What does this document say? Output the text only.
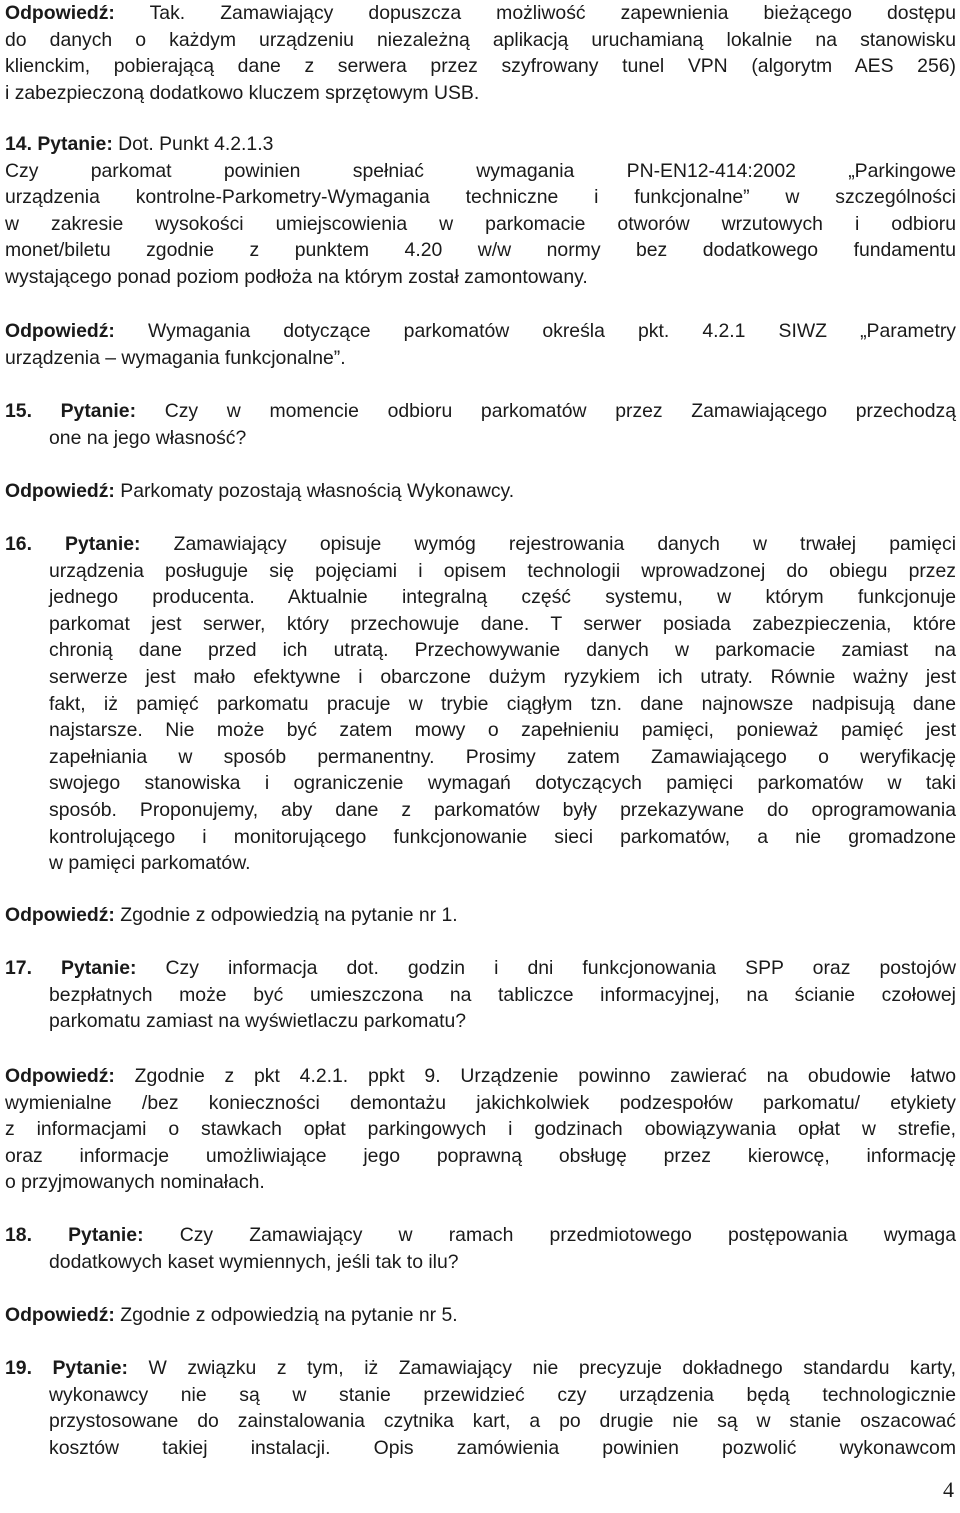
Odpowiedź: Tak. Zamawiający dopuszcza możliwość zapewnienia bieżącego dostępu
do danych o każdym urządzeniu niezależną aplikacją uruchamianą lokalnie na stanowisku
klienckim, pobierającą dane z serwera przez szyfrowany tunel VPN (algorytm AES 256)
i zabezpieczoną dodatkowo kluczem sprzętowym USB.
14. Pytanie: Dot. Punkt 4.2.1.3
Czy parkomat powinien spełniać wymagania PN-EN12-414:2002 „Parkingowe
urządzenia kontrolne-Parkometry-Wymagania techniczne i funkcjonalne” w szczególności
w zakresie wysokości umiejscowienia w parkomacie otworów wrzutowych i odbioru
monet/biletu zgodnie z punktem 4.20 w/w normy bez dodatkowego fundamentu
wystającego ponad poziom podłoża na którym został zamontowany.
Odpowiedź: Wymagania dotyczące parkomatów określa pkt. 4.2.1 SIWZ „Parametry
urządzenia – wymagania funkcjonalne”.
15. Pytanie: Czy w momencie odbioru parkomatów przez Zamawiającego przechodzą
one na jego własność?
Odpowiedź: Parkomaty pozostają własnością Wykonawcy.
16. Pytanie: Zamawiający opisuje wymóg rejestrowania danych w trwałej pamięci
urządzenia posługuje się pojęciami i opisem technologii wprowadzonej do obiegu przez
jednego producenta. Aktualnie integralną część systemu, w którym funkcjonuje
parkomat jest serwer, który przechowuje dane. T serwer posiada zabezpieczenia, które
chronią dane przed ich utratą. Przechowywanie danych w parkomacie zamiast na
serwerze jest mało efektywne i obarczone dużym ryzykiem ich utraty. Równie ważny jest
fakt, iż pamięć parkomatu pracuje w trybie ciągłym tzn. dane najnowsze nadpisują dane
najstarsze. Nie może być zatem mowy o zapełnieniu pamięci, ponieważ pamięć jest
zapełniania w sposób permanentny. Prosimy zatem Zamawiającego o weryfikację
swojego stanowiska i ograniczenie wymagań dotyczących pamięci parkomatów w taki
sposób. Proponujemy, aby dane z parkomatów były przekazywane do oprogramowania
kontrolującego i monitorującego funkcjonowanie sieci parkomatów, a nie gromadzone
w pamięci parkomatów.
Odpowiedź: Zgodnie z odpowiedzią na pytanie nr 1.
17. Pytanie: Czy informacja dot. godzin i dni funkcjonowania SPP oraz postojów
bezpłatnych może być umieszczona na tabliczce informacyjnej, na ścianie czołowej
parkomatu zamiast na wyświetlaczu parkomatu?
Odpowiedź: Zgodnie z pkt 4.2.1. ppkt 9. Urządzenie powinno zawierać na obudowie łatwo
wymienialne /bez konieczności demontażu jakichkolwiek podzespołów parkomatu/ etykiety
z informacjami o stawkach opłat parkingowych i godzinach obowiązywania opłat w strefie,
oraz informacje umożliwiające jego poprawną obsługę przez kierowcę, informację
o przyjmowanych nominałach.
18. Pytanie: Czy Zamawiający w ramach przedmiotowego postępowania wymaga
dodatkowych kaset wymiennych, jeśli tak to ilu?
Odpowiedź: Zgodnie z odpowiedzią na pytanie nr 5.
19. Pytanie: W związku z tym, iż Zamawiający nie precyzuje dokładnego standardu karty,
wykonawcy nie są w stanie przewidzieć czy urządzenia będą technologicznie
przystosowane do zainstalowania czytnika kart, a po drugie nie są w stanie oszacować
kosztów takiej instalacji. Opis zamówienia powinien pozwolić wykonawcom
4
